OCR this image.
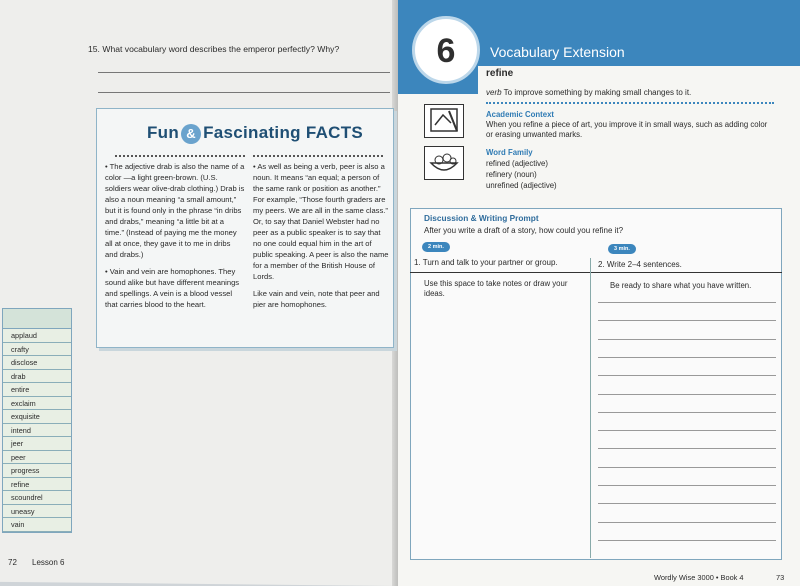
15. What vocabulary word describes the emperor perfectly? Why?
Fun & Fascinating FACTS

• The adjective drab is also the name of a color —a light green-brown. (U.S. soldiers wear olive-drab clothing.) Drab is also a noun meaning “a small amount,” but it is found only in the phrase “in dribs and drabs,” meaning “a little bit at a time.” (Instead of paying me the money all at once, they gave it to me in dribs and drabs.)

• Vain and vein are homophones. They sound alike but have different meanings and spellings. A vein is a blood vessel that carries blood to the heart.

• As well as being a verb, peer is also a noun. It means “an equal; a person of the same rank or position as another.” For example, “Those fourth graders are my peers. We are all in the same class.” Or, to say that Daniel Webster had no peer as a public speaker is to say that no one could equal him in the art of public speaking. A peer is also the name for a member of the British House of Lords.

Like vain and vein, note that peer and pier are homophones.

applaud
crafty
disclose
drab
entire
exclaim
exquisite
intend
jeer
peer
progress
refine
scoundrel
uneasy
vain
72 Lesson 6
6	Vocabulary Extension
refine
verb To improve something by making small changes to it.
Academic Context
When you refine a piece of art, you improve it in small ways, such as adding color or erasing unwanted marks.
Word Family
refined (adjective)
refinery (noun)
unrefined (adjective)
Discussion & Writing Prompt
After you write a draft of a story, how could you refine it?
2 min.	3 min.
1. Turn and talk to your partner or group.	2. Write 2–4 sentences.
Use this space to take notes or draw your ideas.
Be ready to share what you have written.
Wordly Wise 3000 • Book 4	73
